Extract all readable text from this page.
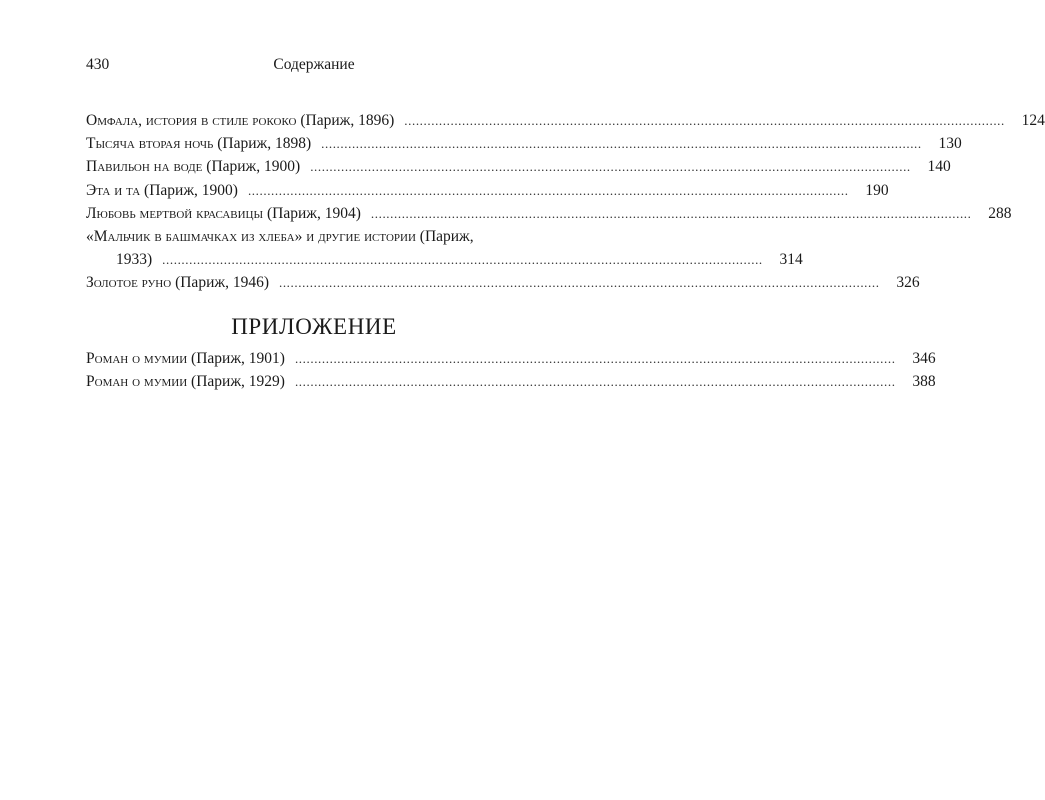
430	Содержание
Омфала, история в стиле рококо (Париж, 1896) ............................................................................................................................................................	124
Тысяча вторая ночь (Париж, 1898) ............................................................................................................................................................	130
Павильон на воде (Париж, 1900) ............................................................................................................................................................	140
Эта и та (Париж, 1900) ............................................................................................................................................................	190
Любовь мертвой красавицы (Париж, 1904) ............................................................................................................................................................	288
«Мальчик в башмачках из хлеба» и другие истории (Париж,
1933) ............................................................................................................................................................	314
Золотое руно (Париж, 1946) ............................................................................................................................................................	326
ПРИЛОЖЕНИЕ
Роман о мумии (Париж, 1901) ............................................................................................................................................................	346
Роман о мумии (Париж, 1929) ............................................................................................................................................................	388
